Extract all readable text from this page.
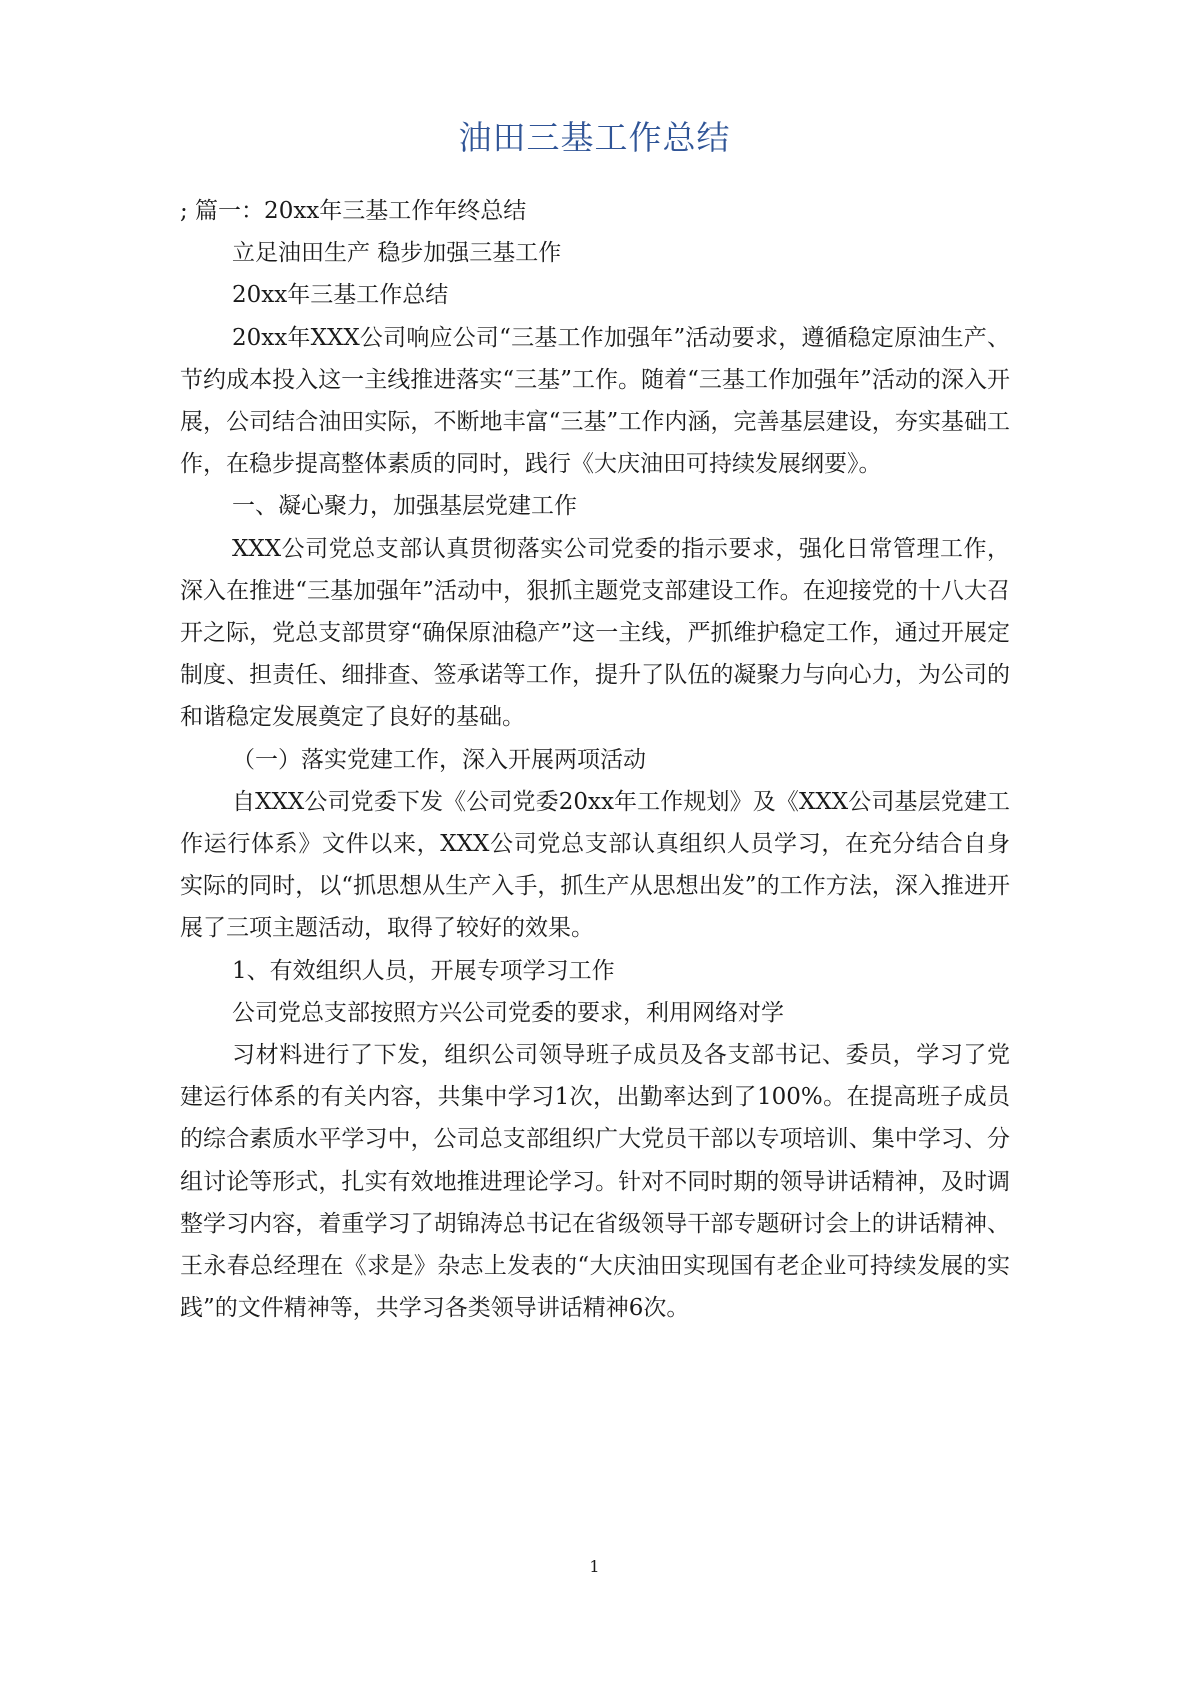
油田三基工作总结

; 篇一：20xx年三基工作年终总结

立足油田生产 稳步加强三基工作

20xx年三基工作总结

20xx年XXX公司响应公司“三基工作加强年”活动要求，遵循稳定原油生产、节约成本投入这一主线推进落实“三基”工作。随着“三基工作加强年”活动的深入开展，公司结合油田实际，不断地丰富“三基”工作内涵，完善基层建设，夯实基础工作，在稳步提高整体素质的同时，践行《大庆油田可持续发展纲要》。

一、凝心聚力，加强基层党建工作

XXX公司党总支部认真贯彻落实公司党委的指示要求，强化日常管理工作，深入在推进“三基加强年”活动中，狠抓主题党支部建设工作。在迎接党的十八大召开之际，党总支部贯穿“确保原油稳产”这一主线，严抓维护稳定工作，通过开展定制度、担责任、细排查、签承诺等工作，提升了队伍的凝聚力与向心力，为公司的和谐稳定发展奠定了良好的基础。

（一）落实党建工作，深入开展两项活动

自XXX公司党委下发《公司党委20xx年工作规划》及《XXX公司基层党建工作运行体系》文件以来，XXX公司党总支部认真组织人员学习，在充分结合自身实际的同时，以“抓思想从生产入手，抓生产从思想出发”的工作方法，深入推进开展了三项主题活动，取得了较好的效果。

1、有效组织人员，开展专项学习工作

公司党总支部按照方兴公司党委的要求，利用网络对学

习材料进行了下发，组织公司领导班子成员及各支部书记、委员，学习了党建运行体系的有关内容，共集中学习1次，出勤率达到了100%。在提高班子成员的综合素质水平学习中，公司总支部组织广大党员干部以专项培训、集中学习、分组讨论等形式，扎实有效地推进理论学习。针对不同时期的领导讲话精神，及时调整学习内容，着重学习了胡锦涛总书记在省级领导干部专题研讨会上的讲话精神、王永春总经理在《求是》杂志上发表的“大庆油田实现国有老企业可持续发展的实践”的文件精神等，共学习各类领导讲话精神6次。

1
